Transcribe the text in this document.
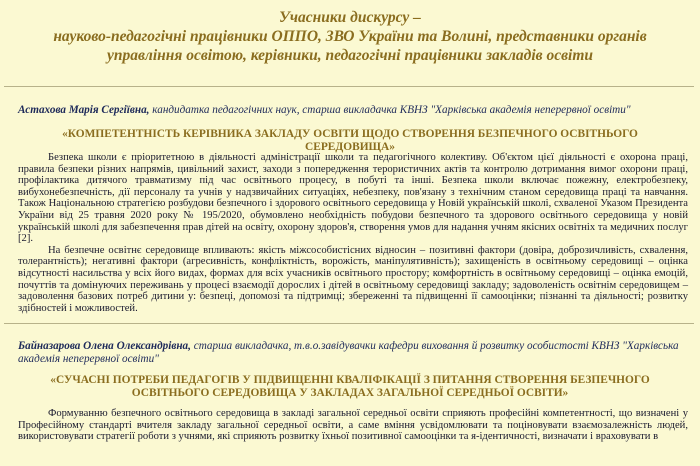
Учасники дискурсу –
науково-педагогічні працівники ОППО, ЗВО України та Волині, представники органів
управління освітою, керівники, педагогічні працівники закладів освіти
Астахова Марія Сергіївна, кандидатка педагогічних наук, старша викладачка КВНЗ "Харківська академія неперервної освіти"
«КОМПЕТЕНТНІСТЬ КЕРІВНИКА ЗАКЛАДУ ОСВІТИ ЩОДО СТВОРЕННЯ БЕЗПЕЧНОГО ОСВІТНЬОГО СЕРЕДОВИЩА»

Безпека школи є пріоритетною в діяльності адміністрації школи та педагогічного колективу. Об'єктом цієї діяльності є охорона праці, правила безпеки різних напрямів, цивільний захист, заходи з попередження терористичних актів та контролю дотримання вимог охорони праці, профілактика дитячого травматизму під час освітнього процесу, в побуті та інші. Безпека школи включає пожежну, електробезпеку, вибухонебезпечність, дії персоналу та учнів у надзвичайних ситуаціях, небезпеку, пов'язану з технічним станом середовища праці та навчання. Також Національною стратегією розбудови безпечного і здорового освітнього середовища у Новій українській школі, схваленої Указом Президента України від 25 травня 2020 року № 195/2020, обумовлено необхідність побудови безпечного та здорового освітнього середовища у новій українській школі для забезпечення прав дітей на освіту, охорону здоров'я, створення умов для надання учням якісних освітніх та медичних послуг [2].

На безпечне освітнє середовище впливають: якість міжсособистісних відносин – позитивні фактори (довіра, доброзичливість, схвалення, толерантність); негативні фактори (агресивність, конфліктність, ворожість, маніпулятивність); захищеність в освітньому середовищі – оцінка відсутності насильства у всіх його видах, формах для всіх учасників освітнього простору; комфортність в освітньому середовищі – оцінка емоцій, почуттів та домінуючих переживань у процесі взаємодії дорослих і дітей в освітньому середовищі закладу; задоволеність освітнім середовищем – задоволення базових потреб дитини у: безпеці, допомозі та підтримці; збереженні та підвищенні її самооцінки; пізнанні та діяльності; розвитку здібностей і можливостей.

Байназарова Олена Олександрівна, старша викладачка, т.в.о.завідувачки кафедри виховання й розвитку особистості КВНЗ "Харківська академія неперервної освіти"
«СУЧАСНІ ПОТРЕБИ ПЕДАГОГІВ У ПІДВИЩЕННІ КВАЛІФІКАЦІЇ З ПИТАННЯ СТВОРЕННЯ БЕЗПЕЧНОГО ОСВІТНЬОГО СЕРЕДОВИЩА У ЗАКЛАДАХ ЗАГАЛЬНОЇ СЕРЕДНЬОЇ ОСВІТИ»

Формуванню безпечного освітнього середовища в закладі загальної середньої освіти сприяють професійні компетентності, що визначені у Професійному стандарті вчителя закладу загальної середньої освіти, а саме вміння усвідомлювати та поціновувати взаємозалежність людей, використовувати стратегії роботи з учнями, які сприяють розвитку їхньої позитивної самооцінки та я-ідентичності, визначати і враховувати в
